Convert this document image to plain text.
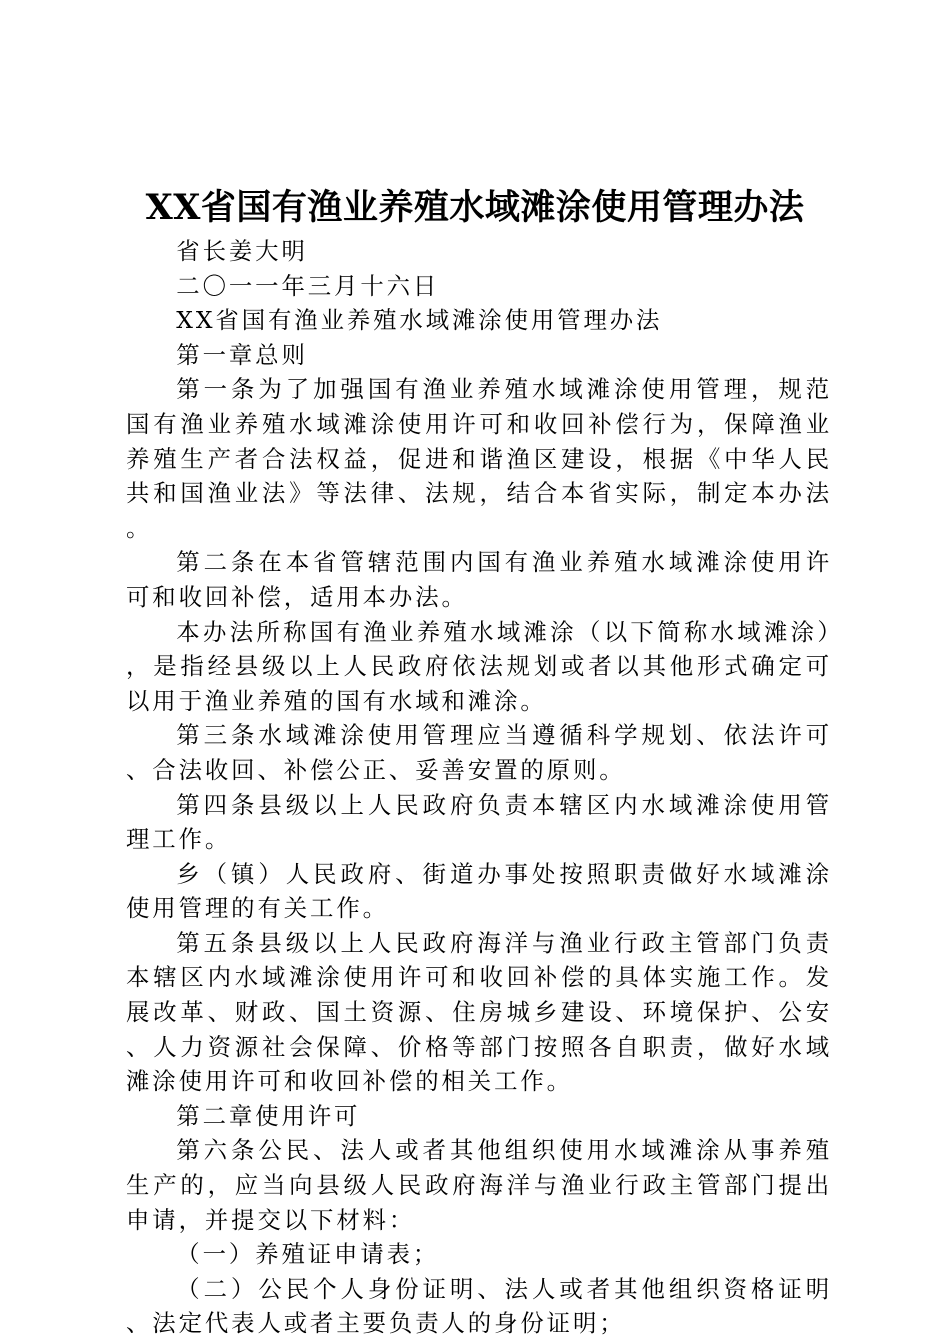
XX省国有渔业养殖水域滩涂使用管理办法

省长姜大明

二〇一一年三月十六日

XX省国有渔业养殖水域滩涂使用管理办法

第一章总则

第一条为了加强国有渔业养殖水域滩涂使用管理，规范国有渔业养殖水域滩涂使用许可和收回补偿行为，保障渔业养殖生产者合法权益，促进和谐渔区建设，根据《中华人民共和国渔业法》等法律、法规，结合本省实际，制定本办法。

第二条在本省管辖范围内国有渔业养殖水域滩涂使用许可和收回补偿，适用本办法。

本办法所称国有渔业养殖水域滩涂（以下简称水域滩涂），是指经县级以上人民政府依法规划或者以其他形式确定可以用于渔业养殖的国有水域和滩涂。

第三条水域滩涂使用管理应当遵循科学规划、依法许可、合法收回、补偿公正、妥善安置的原则。

第四条县级以上人民政府负责本辖区内水域滩涂使用管理工作。

乡（镇）人民政府、街道办事处按照职责做好水域滩涂使用管理的有关工作。

第五条县级以上人民政府海洋与渔业行政主管部门负责本辖区内水域滩涂使用许可和收回补偿的具体实施工作。发展改革、财政、国土资源、住房城乡建设、环境保护、公安、人力资源社会保障、价格等部门按照各自职责，做好水域滩涂使用许可和收回补偿的相关工作。

第二章使用许可

第六条公民、法人或者其他组织使用水域滩涂从事养殖生产的，应当向县级人民政府海洋与渔业行政主管部门提出申请，并提交以下材料：

（一）养殖证申请表；

（二）公民个人身份证明、法人或者其他组织资格证明、法定代表人或者主要负责人的身份证明；
